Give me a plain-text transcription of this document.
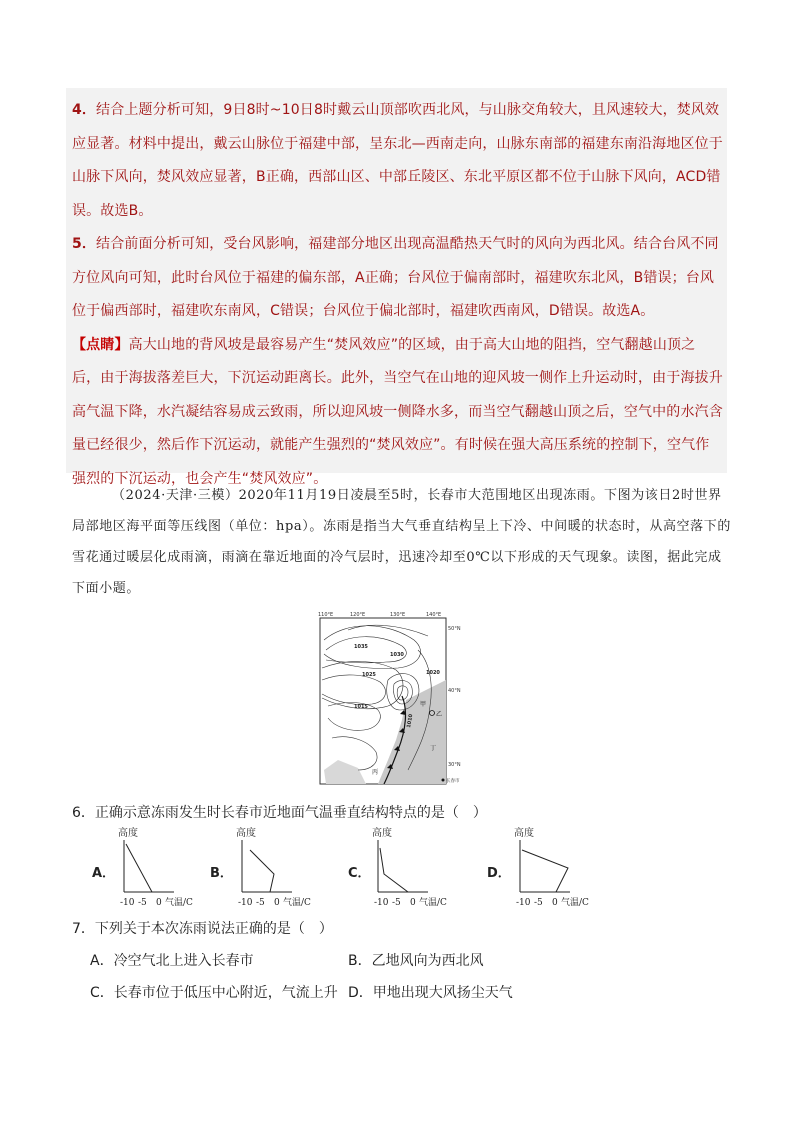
4．结合上题分析可知，9日8时~10日8时戴云山顶部吹西北风，与山脉交角较大，且风速较大，焚风效应显著。材料中提出，戴云山脉位于福建中部，呈东北—西南走向，山脉东南部的福建东南沿海地区位于山脉下风向，焚风效应显著，B正确，西部山区、中部丘陵区、东北平原区都不位于山脉下风向，ACD错误。故选B。

5．结合前面分析可知，受台风影响，福建部分地区出现高温酷热天气时的风向为西北风。结合台风不同方位风向可知，此时台风位于福建的偏东部，A正确；台风位于偏南部时，福建吹东北风，B错误；台风位于偏西部时，福建吹东南风，C错误；台风位于偏北部时，福建吹西南风，D错误。故选A。

【点睛】高大山地的背风坡是最容易产生“焚风效应”的区域，由于高大山地的阻挡，空气翻越山顶之后，由于海拔落差巨大，下沉运动距离长。此外，当空气在山地的迎风坡一侧作上升运动时，由于海拔升高气温下降，水汽凝结容易成云致雨，所以迎风坡一侧降水多，而当空气翻越山顶之后，空气中的水汽含量已经很少，然后作下沉运动，就能产生强烈的“焚风效应”。有时候在强大高压系统的控制下，空气作强烈的下沉运动，也会产生“焚风效应”。

（2024·天津·三模）2020年11月19日凌晨至5时，长春市大范围地区出现冻雨。下图为该日2时世界局部地区海平面等压线图（单位：hpa）。冻雨是指当大气垂直结构呈上下冷、中间暖的状态时，从高空落下的雪花通过暖层化成雨滴，雨滴在靠近地面的冷气层时，迅速冷却至0℃以下形成的天气现象。读图，据此完成下面小题。

110°E	120°E	130°E	140°E
50°N
40°N
30°N
1035
1030
1025	1020
1015
1010
甲
乙
丙
丁
长春市

6．正确示意冻雨发生时长春市近地面气温垂直结构特点的是（　）

A．	B．	C．	D．
高度
-10 -5 0 气温/C
高度
-10 -5 0 气温/C
高度
-10 -5 0 气温/C
高度
-10 -5 0 气温/C

7．下列关于本次冻雨说法正确的是（　）

A．冷空气北上进入长春市	B．乙地风向为西北风
C．长春市位于低压中心附近，气流上升 D．甲地出现大风扬尘天气
